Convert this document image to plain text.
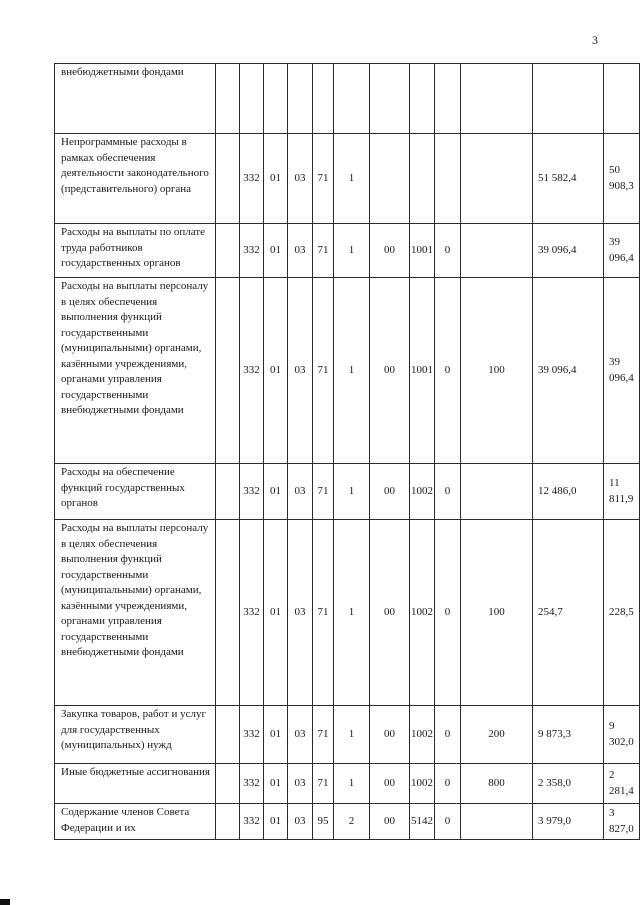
3
внебюджетными фондами												
Непрограммные расходы в рамках обеспечения деятельности законодательного (представительного) органа		332	01	03	71	1					51 582,4	50 908,3
Расходы на выплаты по оплате труда работников государственных органов		332	01	03	71	1	00	1001	0		39 096,4	39 096,4
Расходы на выплаты персоналу в целях обеспечения выполнения функций государственными (муниципальными) органами, казёнными учреждениями, органами управления государственными внебюджетными фондами		332	01	03	71	1	00	1001	0	100	39 096,4	39 096,4
Расходы на обеспечение функций государственных органов		332	01	03	71	1	00	1002	0		12 486,0	11 811,9
Расходы на выплаты персоналу в целях обеспечения выполнения функций государственными (муниципальными) органами, казёнными учреждениями, органами управления государственными внебюджетными фондами		332	01	03	71	1	00	1002	0	100	254,7	228,5
Закупка товаров, работ и услуг для государственных (муниципальных) нужд		332	01	03	71	1	00	1002	0	200	9 873,3	9 302,0
Иные бюджетные ассигнования		332	01	03	71	1	00	1002	0	800	2 358,0	2 281,4
Содержание членов Совета Федерации и их		332	01	03	95	2	00	5142	0		3 979,0	3 827,0
